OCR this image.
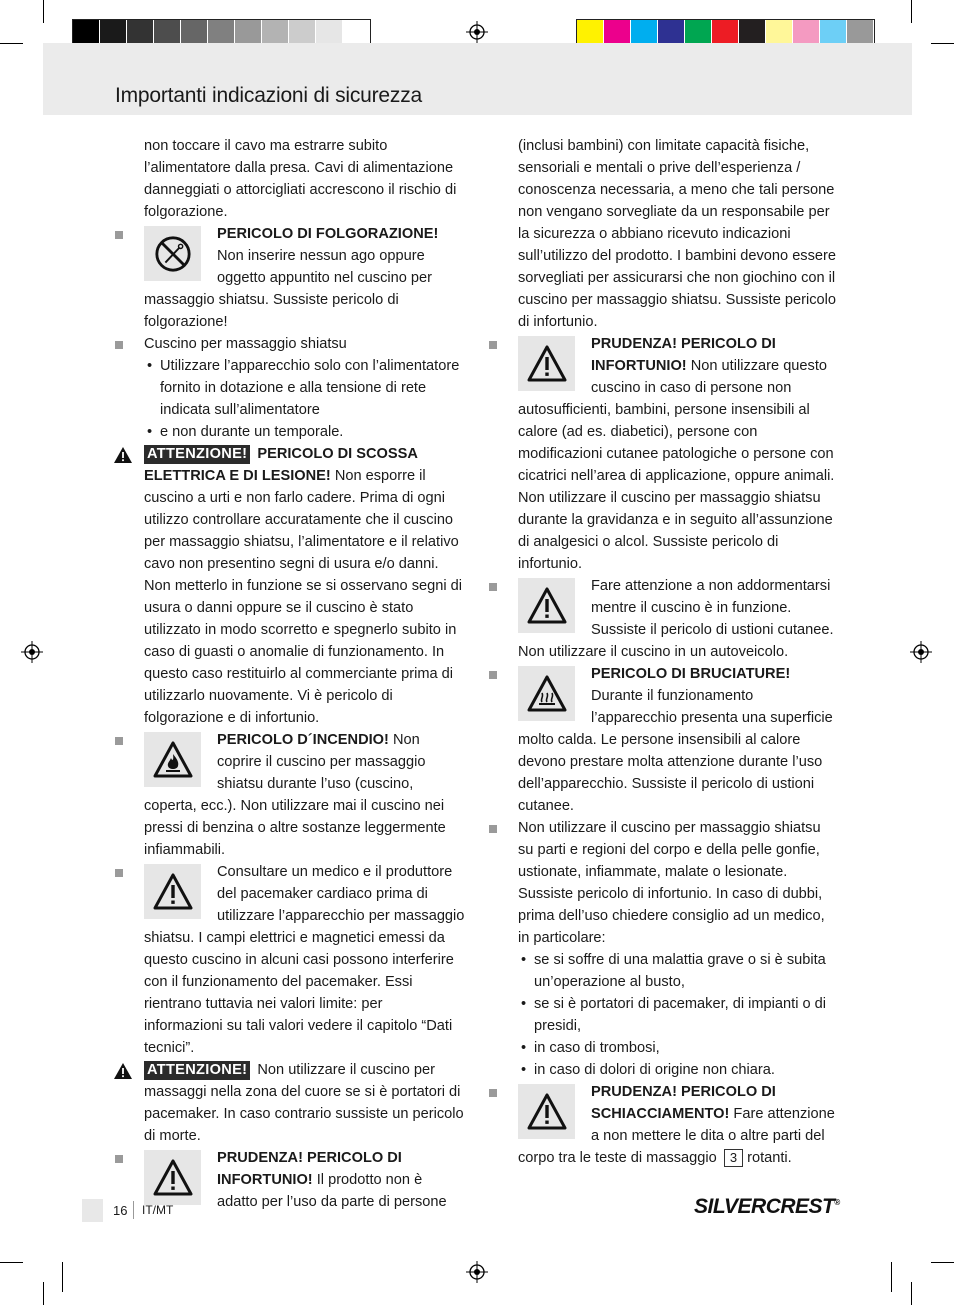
Importanti indicazioni di sicurezza
non toccare il cavo ma estrarre subito l’alimentatore dalla presa. Cavi di alimentazione danneggiati o attorcigliati accrescono il rischio di folgorazione.
PERICOLO DI FOLGORAZIONE! Non inserire nessun ago oppure oggetto appuntito nel cuscino per massaggio shiatsu. Sussiste pericolo di folgorazione!
Cuscino per massaggio shiatsu
• Utilizzare l’apparecchio solo con l’alimentatore fornito in dotazione e alla tensione di rete indicata sull’alimentatore
• e non durante un temporale.
ATTENZIONE! PERICOLO DI SCOSSA ELETTRICA E DI LESIONE! Non esporre il cuscino a urti e non farlo cadere. Prima di ogni utilizzo controllare accuratamente che il cuscino per massaggio shiatsu, l’alimentatore e il relativo cavo non presentino segni di usura e/o danni. Non metterlo in funzione se si osservano segni di usura o danni oppure se il cuscino è stato utilizzato in modo scorretto e spegnerlo subito in caso di guasti o anomalie di funzionamento. In questo caso restituirlo al commerciante prima di utilizzarlo nuovamente. Vi è pericolo di folgorazione e di infortunio.
PERICOLO D´INCENDIO! Non coprire il cuscino per massaggio shiatsu durante l’uso (cuscino, coperta, ecc.). Non utilizzare mai il cuscino nei pressi di benzina o altre sostanze leggermente infiammabili.
Consultare un medico e il produttore del pacemaker cardiaco prima di utilizzare l’apparecchio per massaggio shiatsu. I campi elettrici e magnetici emessi da questo cuscino in alcuni casi possono interferire con il funzionamento del pacemaker. Essi rientrano tuttavia nei valori limite: per informazioni su tali valori vedere il capitolo “Dati tecnici”.
ATTENZIONE! Non utilizzare il cuscino per massaggi nella zona del cuore se si è portatori di pacemaker. In caso contrario sussiste un pericolo di morte.
PRUDENZA! PERICOLO DI INFORTUNIO! Il prodotto non è adatto per l’uso da parte di persone
(inclusi bambini) con limitate capacità fisiche, sensoriali e mentali o prive dell’esperienza / conoscenza necessaria, a meno che tali persone non vengano sorvegliate da un responsabile per la sicurezza o abbiano ricevuto indicazioni sull’utilizzo del prodotto. I bambini devono essere sorvegliati per assicurarsi che non giochino con il cuscino per massaggio shiatsu. Sussiste pericolo di infortunio.
PRUDENZA! PERICOLO DI INFORTUNIO! Non utilizzare questo cuscino in caso di persone non autosufficienti, bambini, persone insensibili al calore (ad es. diabetici), persone con modificazioni cutanee patologiche o persone con cicatrici nell’area di applicazione, oppure animali. Non utilizzare il cuscino per massaggio shiatsu durante la gravidanza e in seguito all’assunzione di analgesici o alcol. Sussiste pericolo di infortunio.
Fare attenzione a non addormentarsi mentre il cuscino è in funzione. Sussiste il pericolo di ustioni cutanee. Non utilizzare il cuscino in un autoveicolo.
PERICOLO DI BRUCIATURE! Durante il funzionamento l’apparecchio presenta una superficie molto calda. Le persone insensibili al calore devono prestare molta attenzione durante l’uso dell’apparecchio. Sussiste il pericolo di ustioni cutanee.
Non utilizzare il cuscino per massaggio shiatsu su parti e regioni del corpo e della pelle gonfie, ustionate, infiammate, malate o lesionate. Sussiste pericolo di infortunio. In caso di dubbi, prima dell’uso chiedere consiglio ad un medico, in particolare:
• se si soffre di una malattia grave o si è subita un’operazione al busto,
• se si è portatori di pacemaker, di impianti o di presidi,
• in caso di trombosi,
• in caso di dolori di origine non chiara.
PRUDENZA! PERICOLO DI SCHIACCIAMENTO! Fare attenzione a non mettere le dita o altre parti del corpo tra le teste di massaggio 3 rotanti.
16 IT/MT	SILVERCREST®
